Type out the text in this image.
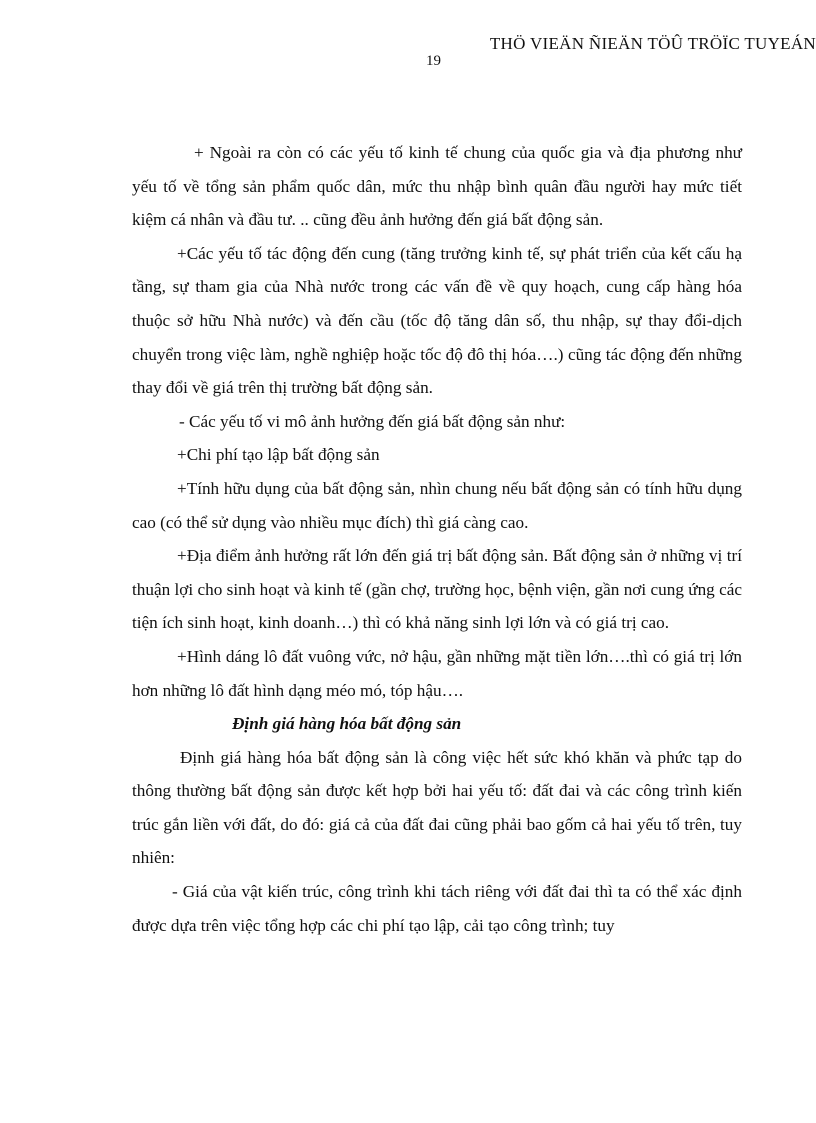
THÖ VIEÄN ÑIEÄN TÖÛ TRÖÏC TUYEÁN
19

+ Ngoài ra còn có các yếu tố kinh tế chung của quốc gia và địa phương như yếu tố về tổng sản phẩm quốc dân, mức thu nhập bình quân đầu người hay mức tiết kiệm cá nhân và đầu tư. .. cũng đều ảnh hưởng đến giá bất động sản.

+Các yếu tố tác động đến cung (tăng trưởng kinh tế, sự phát triển của kết cấu hạ tầng, sự tham gia của Nhà nước trong các vấn đề về quy hoạch, cung cấp hàng hóa thuộc sở hữu Nhà nước) và đến cầu (tốc độ tăng dân số, thu nhập, sự thay đổi-dịch chuyển trong việc làm, nghề nghiệp hoặc tốc độ đô thị hóa….) cũng tác động đến những thay đổi về giá trên thị trường bất động sản.

- Các yếu tố vi mô ảnh hưởng đến giá bất động sản như:

+Chi phí tạo lập bất động sản

+Tính hữu dụng của bất động sản, nhìn chung nếu bất động sản có tính hữu dụng cao (có thể sử dụng vào nhiều mục đích) thì giá càng cao.

+Địa điểm ảnh hưởng rất lớn đến giá trị bất động sản. Bất động sản ở những vị trí thuận lợi cho sinh hoạt và kinh tế (gần chợ, trường học, bệnh viện, gần nơi cung ứng các tiện ích sinh hoạt, kinh doanh…) thì có khả năng sinh lợi lớn và có giá trị cao.

+Hình dáng lô đất vuông vức, nở hậu, gần những mặt tiền lớn….thì có giá trị lớn hơn những lô đất hình dạng méo mó, tóp hậu….

Định giá hàng hóa bất động sản

Định giá hàng hóa bất động sản là công việc hết sức khó khăn và phức tạp do thông thường bất động sản được kết hợp bởi hai yếu tố: đất đai và các công trình kiến trúc gắn liền với đất, do đó: giá cả của đất đai cũng phải bao gốm cả hai yếu tố trên, tuy nhiên:

- Giá của vật kiến trúc, công trình khi tách riêng với đất đai thì ta có thể xác định được dựa trên việc tổng hợp các chi phí tạo lập, cải tạo công trình; tuy
